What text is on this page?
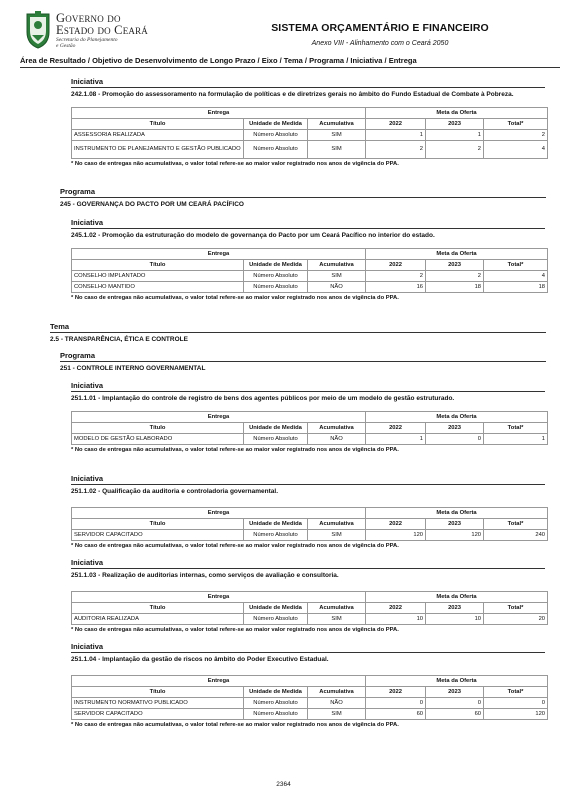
Governo do
Estado do Ceará
Secretaria do Planejamento
e Gestão
SISTEMA ORÇAMENTÁRIO E FINANCEIRO
Anexo VIII - Alinhamento com o Ceará 2050
Área de Resultado / Objetivo de Desenvolvimento de Longo Prazo / Eixo / Tema / Programa / Iniciativa / Entrega
Iniciativa
242.1.08 - Promoção do assessoramento na formulação de políticas e de diretrizes gerais no âmbito do Fundo Estadual de Combate à Pobreza.
Entrega			Meta da Oferta		
Título	Unidade de Medida	Acumulativa	2022	2023	Total*
ASSESSORIA REALIZADA	Número Absoluto	SIM	1	1	2
INSTRUMENTO DE PLANEJAMENTO E GESTÃO PUBLICADO	Número Absoluto	SIM	2	2	4
* No caso de entregas não acumulativas, o valor total refere-se ao maior valor registrado nos anos de vigência do PPA.
Programa
245 - GOVERNANÇA DO PACTO POR UM CEARÁ PACÍFICO
Iniciativa
245.1.02 - Promoção da estruturação do modelo de governança do Pacto por um Ceará Pacífico no interior do estado.
Entrega			Meta da Oferta		
Título	Unidade de Medida	Acumulativa	2022	2023	Total*
CONSELHO IMPLANTADO	Número Absoluto	SIM	2	2	4
CONSELHO MANTIDO	Número Absoluto	NÃO	16	18	18
* No caso de entregas não acumulativas, o valor total refere-se ao maior valor registrado nos anos de vigência do PPA.
Tema
2.5 - TRANSPARÊNCIA, ÉTICA E CONTROLE
Programa
251 - CONTROLE INTERNO GOVERNAMENTAL
Iniciativa
251.1.01 - Implantação do controle de registro de bens dos agentes públicos por meio de um modelo de gestão estruturado.
Entrega			Meta da Oferta		
Título	Unidade de Medida	Acumulativa	2022	2023	Total*
MODELO DE GESTÃO ELABORADO	Número Absoluto	NÃO	1	0	1
* No caso de entregas não acumulativas, o valor total refere-se ao maior valor registrado nos anos de vigência do PPA.
Iniciativa
251.1.02 - Qualificação da auditoria e controladoria governamental.
Entrega			Meta da Oferta		
Título	Unidade de Medida	Acumulativa	2022	2023	Total*
SERVIDOR CAPACITADO	Número Absoluto	SIM	120	120	240
* No caso de entregas não acumulativas, o valor total refere-se ao maior valor registrado nos anos de vigência do PPA.
Iniciativa
251.1.03 - Realização de auditorias internas, como serviços de avaliação e consultoria.
Entrega			Meta da Oferta		
Título	Unidade de Medida	Acumulativa	2022	2023	Total*
AUDITORIA REALIZADA	Número Absoluto	SIM	10	10	20
* No caso de entregas não acumulativas, o valor total refere-se ao maior valor registrado nos anos de vigência do PPA.
Iniciativa
251.1.04 - Implantação da gestão de riscos no âmbito do Poder Executivo Estadual.
Entrega			Meta da Oferta		
Título	Unidade de Medida	Acumulativa	2022	2023	Total*
INSTRUMENTO NORMATIVO PUBLICADO	Número Absoluto	NÃO	0	0	0
SERVIDOR CAPACITADO	Número Absoluto	SIM	60	60	120
* No caso de entregas não acumulativas, o valor total refere-se ao maior valor registrado nos anos de vigência do PPA.
2364
